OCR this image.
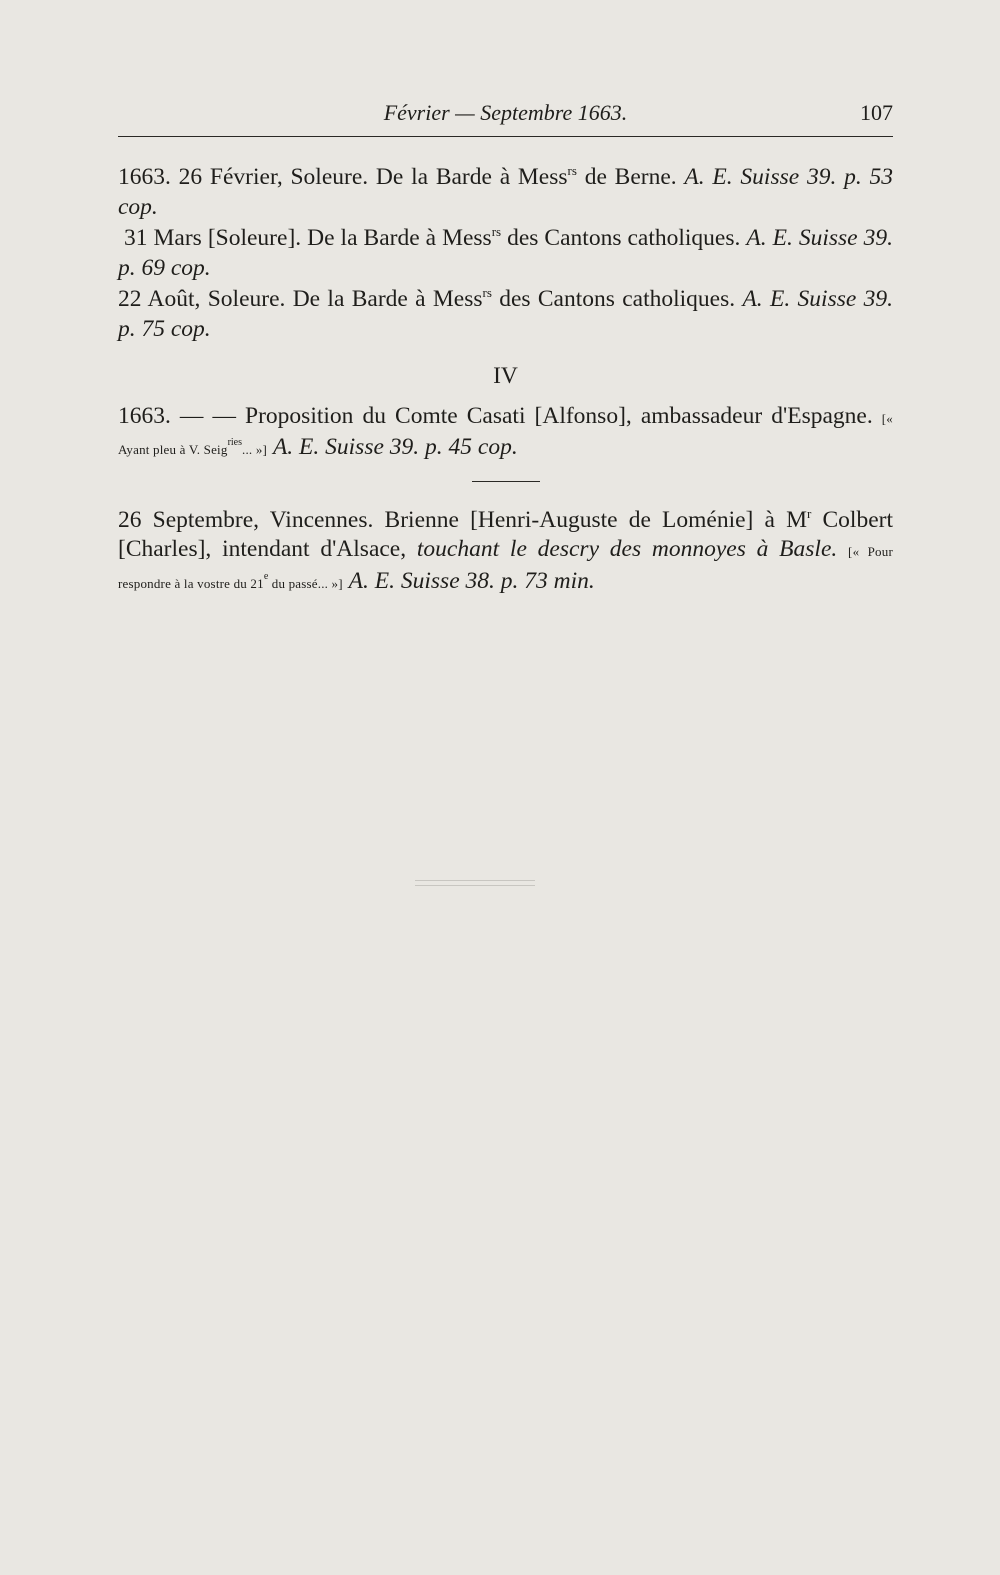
Février — Septembre 1663.	107

1663. 26 Février, Soleure. De la Barde à Mess$^{rs}$ de Berne. A. E. Suisse 39. p. 53 cop.

31 Mars [Soleure]. De la Barde à Mess$^{rs}$ des Cantons catholiques. A. E. Suisse 39. p. 69 cop.

22 Août, Soleure. De la Barde à Mess$^{rs}$ des Cantons catholiques. A. E. Suisse 39. p. 75 cop.

IV

1663. — — Proposition du Comte Casati [Alfonso], ambassadeur d'Espagne. [« Ayant pleu à V. Seig$^{ries}$... »] A. E. Suisse 39. p. 45 cop.

26 Septembre, Vincennes. Brienne [Henri-Auguste de Loménie] à $M^r$ Colbert [Charles], intendant d'Alsace, touchant le descry des monnoyes à Basle. [« Pour respondre à la vostre du 21e du passé... »] A. E. Suisse 38. p. 73 min.
